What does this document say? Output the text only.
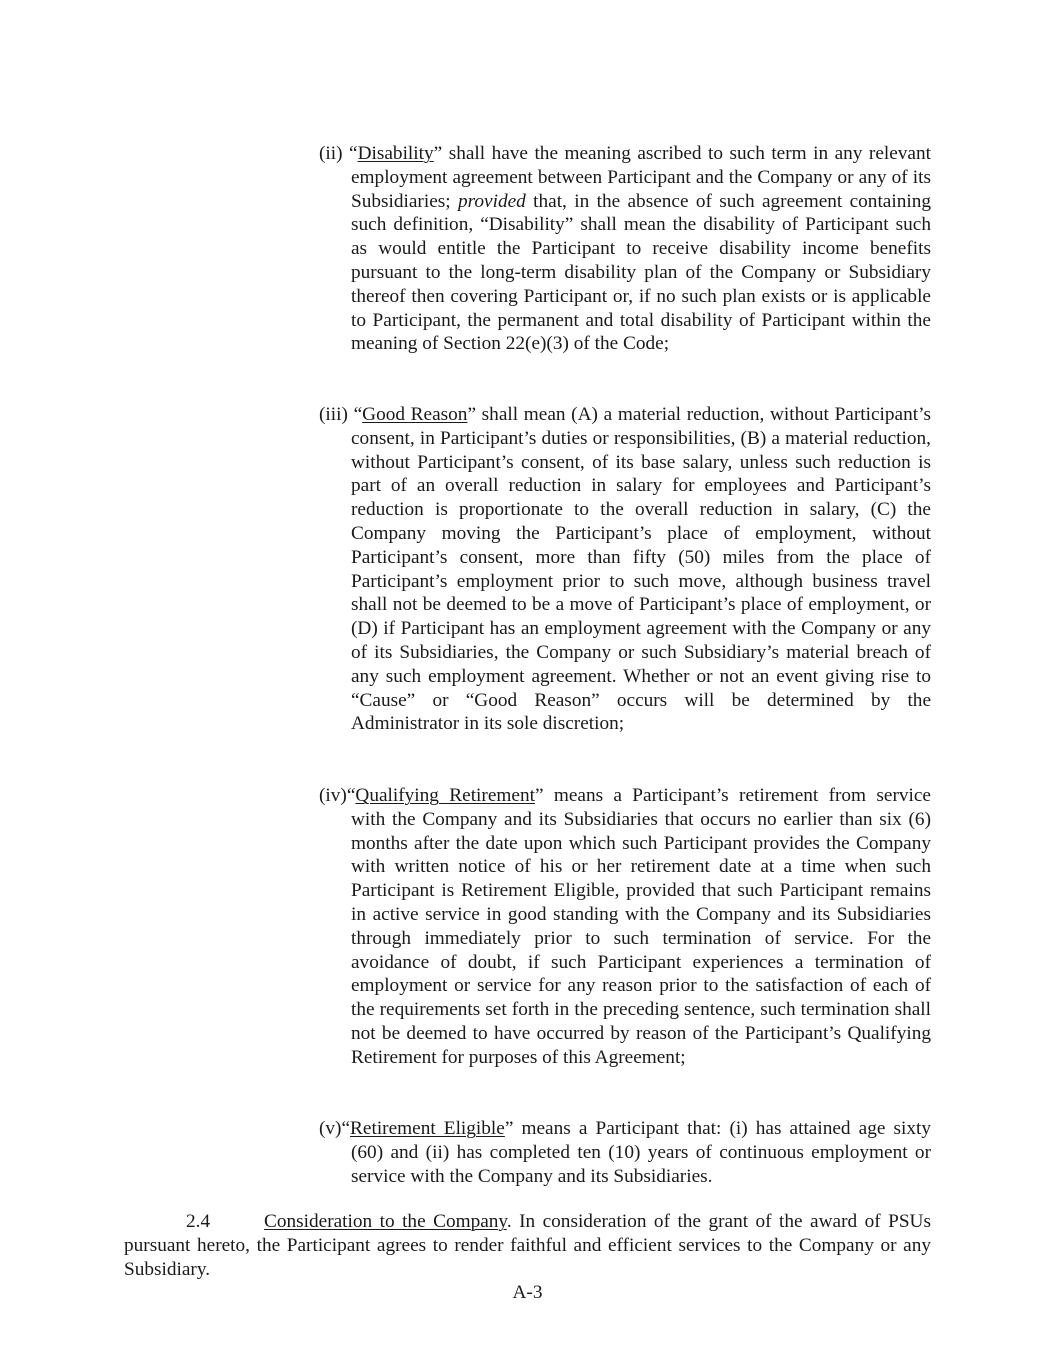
(ii) “Disability” shall have the meaning ascribed to such term in any relevant employment agreement between Participant and the Company or any of its Subsidiaries; provided that, in the absence of such agreement containing such definition, “Disability” shall mean the disability of Participant such as would entitle the Participant to receive disability income benefits pursuant to the long-term disability plan of the Company or Subsidiary thereof then covering Participant or, if no such plan exists or is applicable to Participant, the permanent and total disability of Participant within the meaning of Section 22(e)(3) of the Code;

(iii) “Good Reason” shall mean (A) a material reduction, without Participant’s consent, in Participant’s duties or responsibilities, (B) a material reduction, without Participant’s consent, of its base salary, unless such reduction is part of an overall reduction in salary for employees and Participant’s reduction is proportionate to the overall reduction in salary, (C) the Company moving the Participant’s place of employment, without Participant’s consent, more than fifty (50) miles from the place of Participant’s employment prior to such move, although business travel shall not be deemed to be a move of Participant’s place of employment, or (D) if Participant has an employment agreement with the Company or any of its Subsidiaries, the Company or such Subsidiary’s material breach of any such employment agreement. Whether or not an event giving rise to “Cause” or “Good Reason” occurs will be determined by the Administrator in its sole discretion;

(iv)“Qualifying Retirement” means a Participant’s retirement from service with the Company and its Subsidiaries that occurs no earlier than six (6) months after the date upon which such Participant provides the Company with written notice of his or her retirement date at a time when such Participant is Retirement Eligible, provided that such Participant remains in active service in good standing with the Company and its Subsidiaries through immediately prior to such termination of service. For the avoidance of doubt, if such Participant experiences a termination of employment or service for any reason prior to the satisfaction of each of the requirements set forth in the preceding sentence, such termination shall not be deemed to have occurred by reason of the Participant’s Qualifying Retirement for purposes of this Agreement;

(v)“Retirement Eligible” means a Participant that: (i) has attained age sixty (60) and (ii) has completed ten (10) years of continuous employment or service with the Company and its Subsidiaries.

2.4	Consideration to the Company. In consideration of the grant of the award of PSUs pursuant hereto, the Participant agrees to render faithful and efficient services to the Company or any Subsidiary.

A-3
